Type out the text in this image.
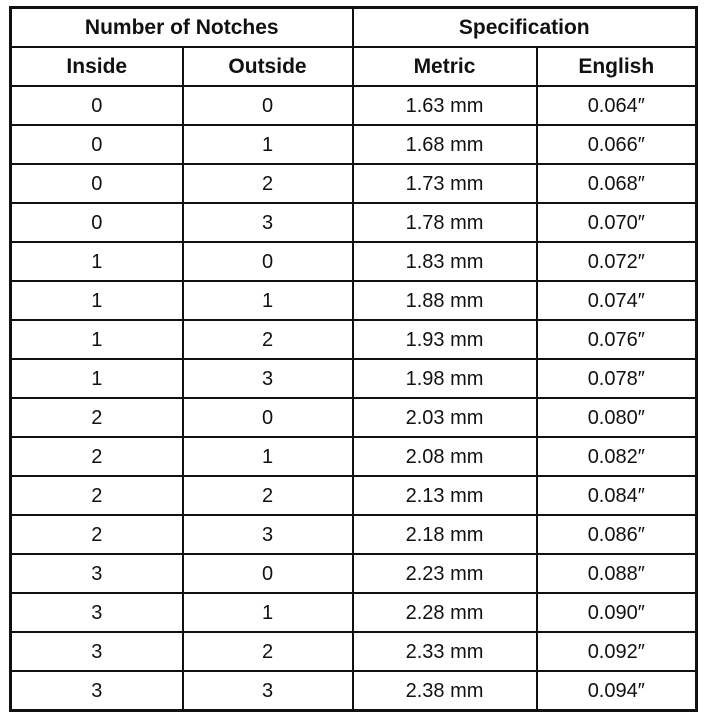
Number of Notches		Specification	
Inside	Outside	Metric	English
0	0	1.63 mm	0.064″
0	1	1.68 mm	0.066″
0	2	1.73 mm	0.068″
0	3	1.78 mm	0.070″
1	0	1.83 mm	0.072″
1	1	1.88 mm	0.074″
1	2	1.93 mm	0.076″
1	3	1.98 mm	0.078″
2	0	2.03 mm	0.080″
2	1	2.08 mm	0.082″
2	2	2.13 mm	0.084″
2	3	2.18 mm	0.086″
3	0	2.23 mm	0.088″
3	1	2.28 mm	0.090″
3	2	2.33 mm	0.092″
3	3	2.38 mm	0.094″
